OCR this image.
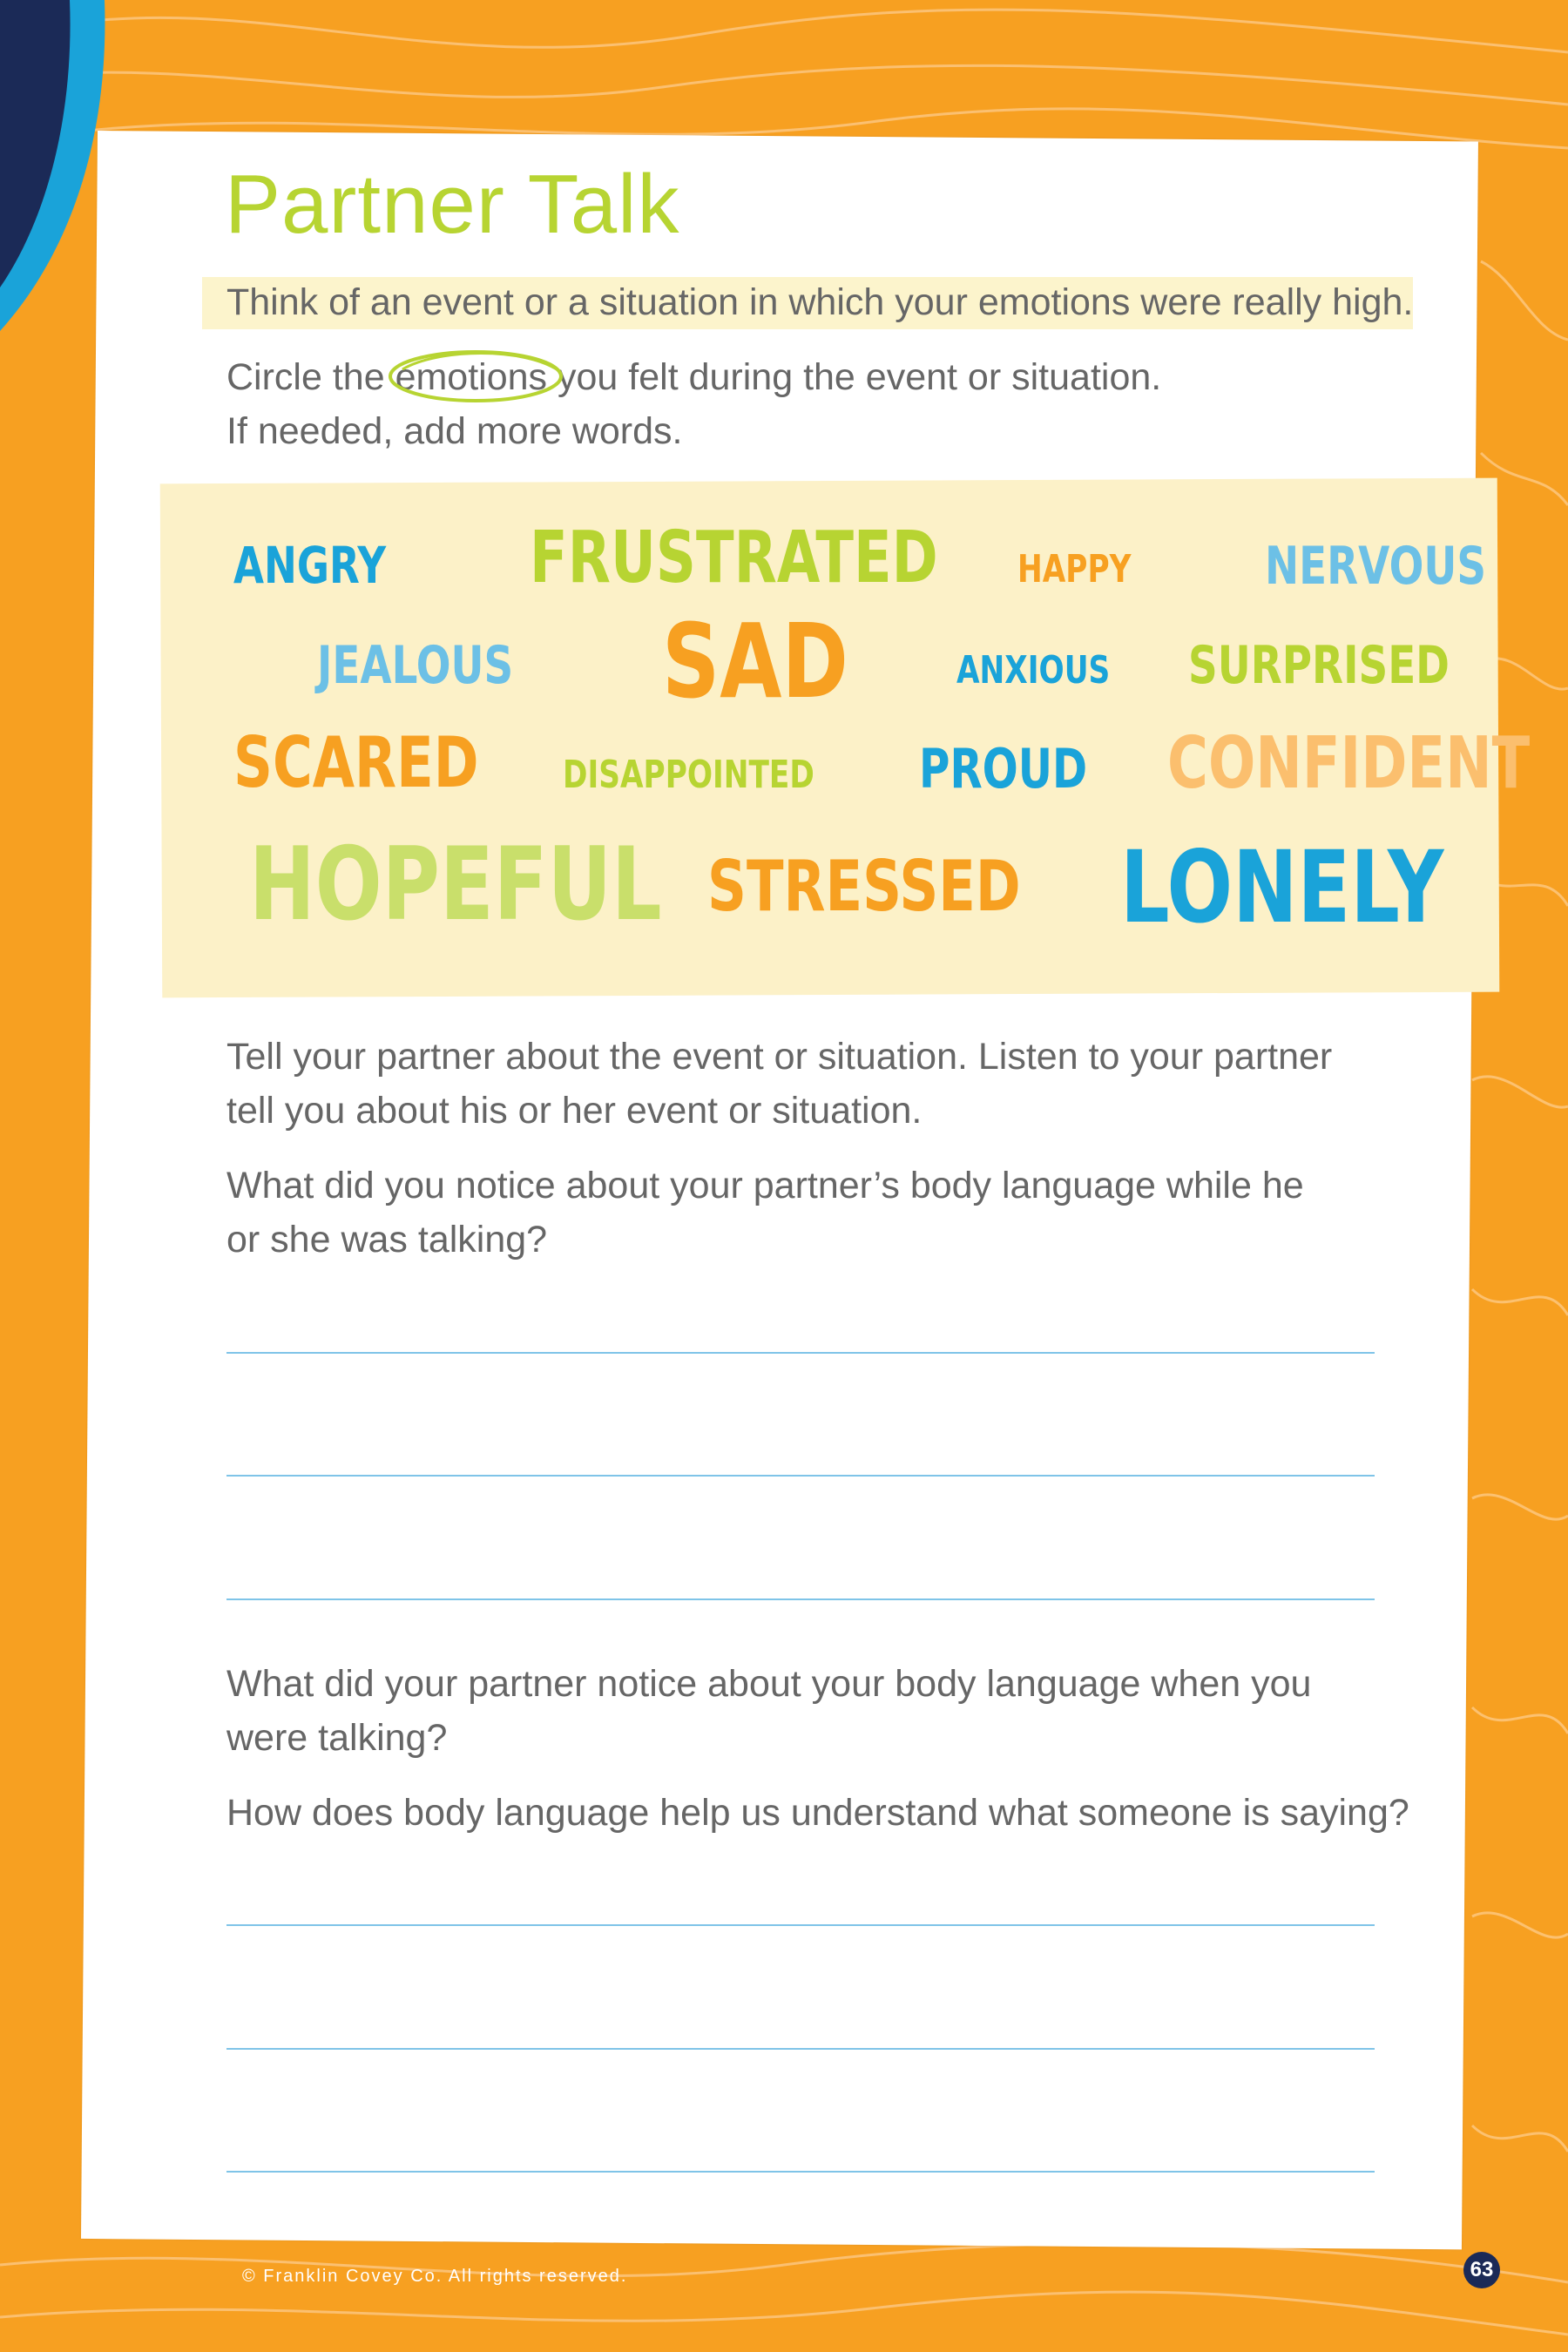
Partner Talk

Think of an event or a situation in which your emotions were really high.

Circle the
emotions you felt during the event or situation.

If needed, add more words.

ANGRY FRUSTRATED HAPPY	NERVOUS
JEALOUS SAD	ANXIOUS SURPRISED
SCARED DISAPPOINTED PROUD CONFIDENT
HOPEFUL STRESSED LONELY

Tell your partner about the event or situation. Listen to your partner

tell you about his or her event or situation.

What did you notice about your partner’s body language while he

or she was talking?

What did your partner notice about your body language when you

were talking?

How does body language help us understand what someone is saying?

© Franklin Covey Co. All rights reserved.	63
